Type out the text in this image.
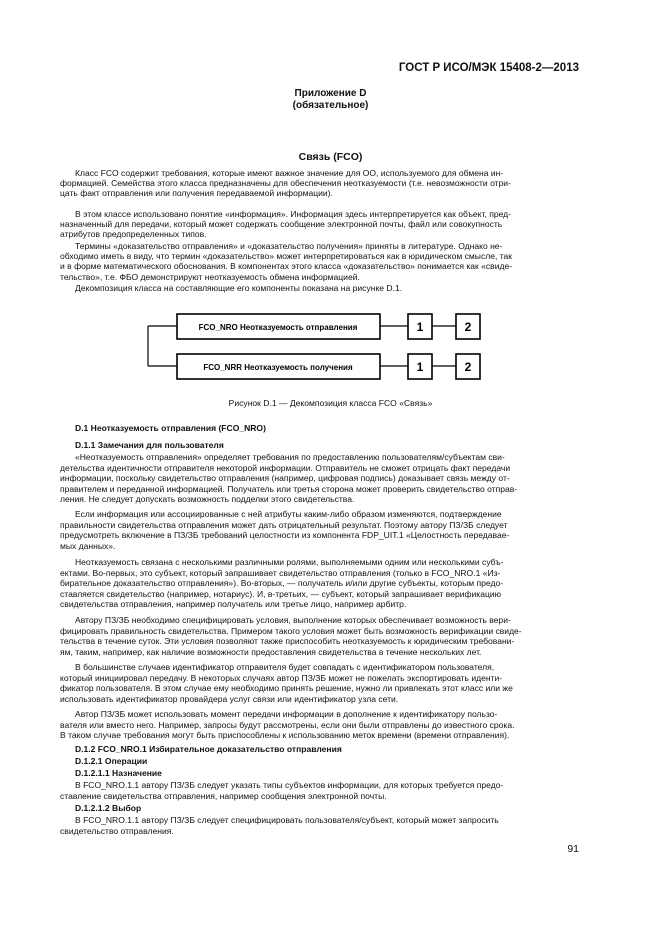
ГОСТ Р ИСО/МЭК 15408-2—2013
Приложение D
(обязательное)
Связь (FCO)
Класс FCO содержит требования, которые имеют важное значение для ОО, используемого для обмена ин-
формацией. Семейства этого класса предназначены для обеспечения неотказуемости (т.е. невозможности отри-
цать факт отправления или получения передаваемой информации).
В этом классе использовано понятие «информация». Информация здесь интерпретируется как объект, пред-
назначенный для передачи, который может содержать сообщение электронной почты, файл или совокупность
атрибутов предопределенных типов.
Термины «доказательство отправления» и «доказательство получения» приняты в литературе. Однако не-
обходимо иметь в виду, что термин «доказательство» может интерпретироваться как в юридическом смысле, так
и в форме математического обоснования. В компонентах этого класса «доказательство» понимается как «свиде-
тельство», т.е. ФБО демонстрируют неотказуемость обмена информацией.
Декомпозиция класса на составляющие его компоненты показана на рисунке D.1.
FCO_NRO Неотказуемость отправления
FCO_NRR Неотказуемость получения
1	2
1	2
Рисунок D.1 — Декомпозиция класса FCO «Связь»
D.1 Неотказуемость отправления (FCO_NRO)
D.1.1 Замечания для пользователя
«Неотказуемость отправления» определяет требования по предоставлению пользователям/субъектам сви-
детельства идентичности отправителя некоторой информации. Отправитель не сможет отрицать факт передачи
информации, поскольку свидетельство отправления (например, цифровая подпись) доказывает связь между от-
правителем и переданной информацией. Получатель или третья сторона может проверить свидетельство отправ-
ления. Не следует допускать возможность подделки этого свидетельства.
Если информация или ассоциированные с ней атрибуты каким-либо образом изменяются, подтверждение
правильности свидетельства отправления может дать отрицательный результат. Поэтому автору ПЗ/ЗБ следует
предусмотреть включение в ПЗ/ЗБ требований целостности из компонента FDP_UIT.1 «Целостность передавае-
мых данных».
Неотказуемость связана с несколькими различными ролями, выполняемыми одним или несколькими субъ-
ектами. Во-первых, это субъект, который запрашивает свидетельство отправления (только в FCO_NRO.1 «Из-
бирательное доказательство отправления»). Во-вторых, — получатель и/или другие субъекты, которым предо-
ставляется свидетельство (например, нотариус). И, в-третьих, — субъект, который запрашивает верификацию
свидетельства отправления, например получатель или третье лицо, например арбитр.
Автору ПЗ/ЗБ необходимо специфицировать условия, выполнение которых обеспечивает возможность вери-
фицировать правильность свидетельства. Примером такого условия может быть возможность верификации свиде-
тельства в течение суток. Эти условия позволяют также приспособить неотказуемость к юридическим требовани-
ям, таким, например, как наличие возможности предоставления свидетельства в течение нескольких лет.
В большинстве случаев идентификатор отправителя будет совпадать с идентификатором пользователя,
который инициировал передачу. В некоторых случаях автор ПЗ/ЗБ может не пожелать экспортировать иденти-
фикатор пользователя. В этом случае ему необходимо принять решение, нужно ли привлекать этот класс или же
использовать идентификатор провайдера услуг связи или идентификатор узла сети.
Автор ПЗ/ЗБ может использовать момент передачи информации в дополнение к идентификатору пользо-
вателя или вместо него. Например, запросы будут рассмотрены, если они были отправлены до известного срока.
В таком случае требования могут быть приспособлены к использованию меток времени (времени отправления).
D.1.2 FCO_NRO.1 Избирательное доказательство отправления
D.1.2.1 Операции
D.1.2.1.1 Назначение
В FCO_NRO.1.1 автору ПЗ/ЗБ следует указать типы субъектов информации, для которых требуется предо-
ставление свидетельства отправления, например сообщения электронной почты.
D.1.2.1.2 Выбор
В FCO_NRO.1.1 автору ПЗ/ЗБ следует специфицировать пользователя/субъект, который может запросить
свидетельство отправления.
91
